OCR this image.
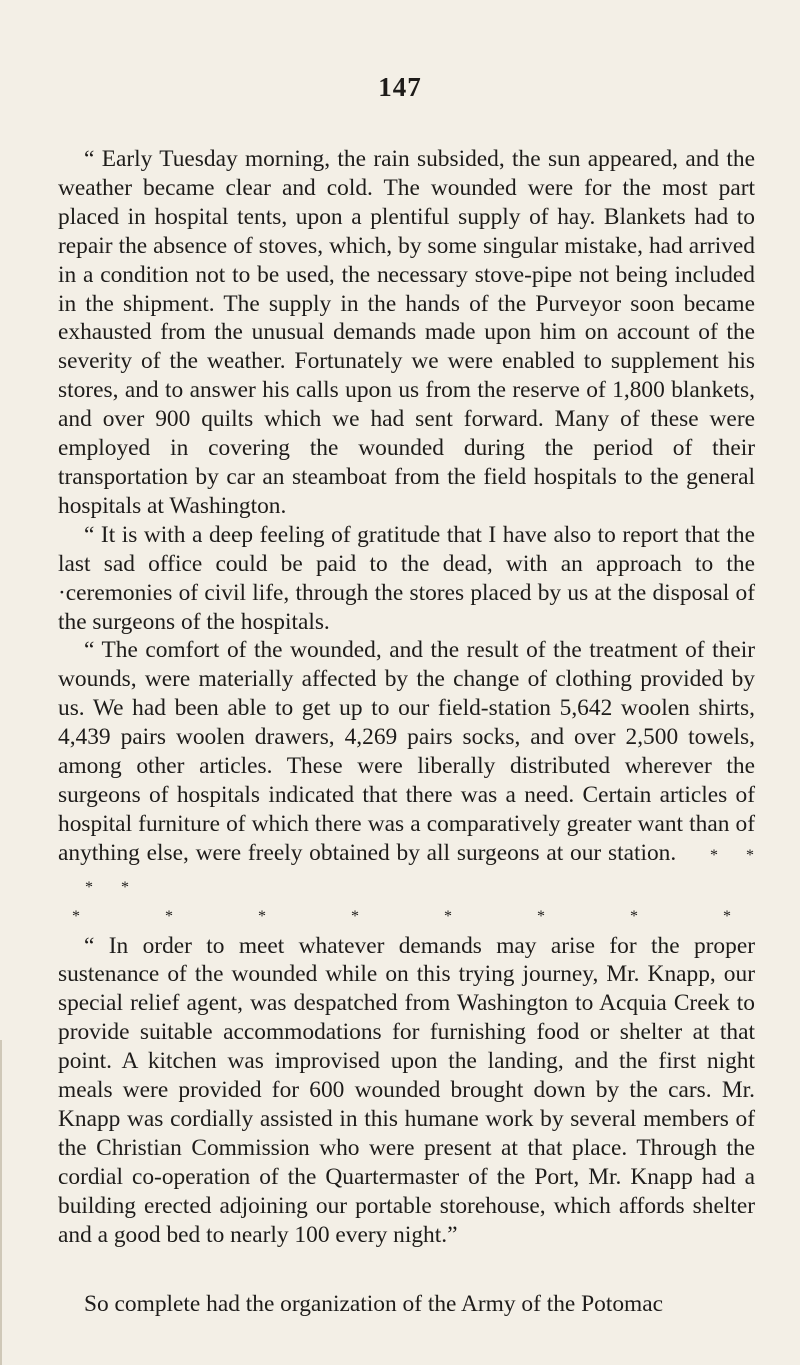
147

“ Early Tuesday morning, the rain subsided, the sun appeared, and the weather became clear and cold. The wounded were for the most part placed in hospital tents, upon a plentiful supply of hay. Blankets had to repair the absence of stoves, which, by some singular mistake, had arrived in a condition not to be used, the necessary stove-pipe not being included in the shipment. The supply in the hands of the Purveyor soon became exhausted from the unusual demands made upon him on account of the severity of the weather. Fortunately we were enabled to supplement his stores, and to answer his calls upon us from the reserve of 1,800 blankets, and over 900 quilts which we had sent forward. Many of these were employed in covering the wounded during the period of their transportation by car an steamboat from the field hospitals to the general hospitals at Washington.

“ It is with a deep feeling of gratitude that I have also to report that the last sad office could be paid to the dead, with an approach to the ·ceremonies of civil life, through the stores placed by us at the disposal of the surgeons of the hospitals.

“ The comfort of the wounded, and the result of the treatment of their wounds, were materially affected by the change of clothing provided by us. We had been able to get up to our field-station 5,642 woolen shirts, 4,439 pairs woolen drawers, 4,269 pairs socks, and over 2,500 towels, among other articles. These were liberally distributed wherever the surgeons of hospitals indicated that there was a need. Certain articles of hospital furniture of which there was a comparatively greater want than of anything else, were freely obtained by all surgeons at our station. * ** *

*	*	*	*	*	*	*	*

“ In order to meet whatever demands may arise for the proper sustenance of the wounded while on this trying journey, Mr. Knapp, our special relief agent, was despatched from Washington to Acquia Creek to provide suitable accommodations for furnishing food or shelter at that point. A kitchen was improvised upon the landing, and the first night meals were provided for 600 wounded brought down by the cars. Mr. Knapp was cordially assisted in this humane work by several members of the Christian Commission who were present at that place. Through the cordial co-operation of the Quartermaster of the Port, Mr. Knapp had a building erected adjoining our portable storehouse, which affords shelter and a good bed to nearly 100 every night.”

So complete had the organization of the Army of the Potomac
